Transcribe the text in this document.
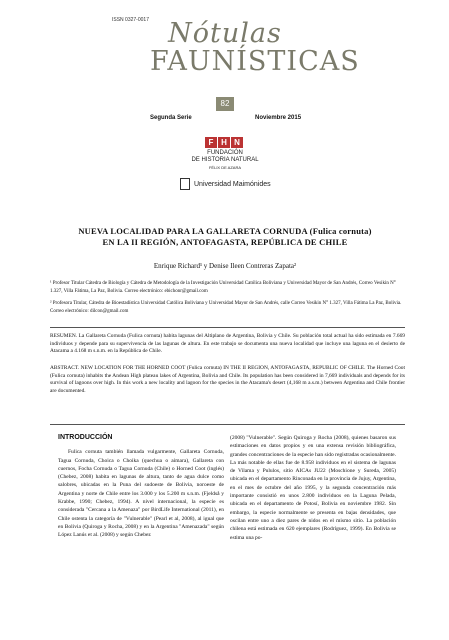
ISSN 0327-0017 Nótulas
FAUNÍSTICAS
82
Segunda Serie	Noviembre 2015
F H N
FUNDACIÓN
DE HISTORIA NATURAL
FÉLIX DE AZARA
Universidad Maimónides
NUEVA LOCALIDAD PARA LA GALLARETA CORNUDA (Fulica cornuta)
EN LA II REGIÓN, ANTOFAGASTA, REPÚBLICA DE CHILE
Enrique Richard¹ y Denise Ileen Contreras Zapata²
¹ Profesor Titular Cátedra de Biología y Cátedra de Metodología de la Investigación Universidad Católica Boliviana y Universidad Mayor de San Andrés, Correo Vesikin N° 1.327, Villa Fátima, La Paz, Bolivia. Correo electrónico: ebichonr@gmail.com
² Profesora Titular, Cátedra de Bioestadística Universidad Católica Boliviana y Universidad Mayor de San Andrés, calle Correo Vesikin N° 1.327, Villa Fátima La Paz, Bolivia. Correo electrónico: dilcon@gmail.com
RESUMEN. La Gallareta Cornuda (Fulica cornuta) habita lagunas del Altiplano de Argentina, Bolivia y Chile. Su población total actual ha sido estimada en 7.669 individuos y depende para su supervivencia de las lagunas de altura. En este trabajo se documenta una nueva localidad que incluye una laguna en el desierto de Atacama a 4.168 m s.n.m. en la República de Chile.
ABSTRACT. NEW LOCATION FOR THE HORNED COOT (Fulica cornuta) IN THE II REGION, ANTOFAGASTA, REPUBLIC OF CHILE. The Horned Coot (Fulica cornuta) inhabits the Andean High plateau lakes of Argentina, Bolivia and Chile. Its population has been considered in 7,669 individuals and depends for its survival of lagoons over high. In this work a new locality and lagoon for the species in the Atacama's desert (4,168 m a.s.m.) between Argentina and Chile frontier are documented.
INTRODUCCIÓN

Fulica cornuta también llamada vulgarmente, Gallareta Cornuda, Tagua Cornuda, Choica o Choika (quechua o aimara), Gallareta con cuernos, Focha Cornuda o Tagua Cornuda (Chile) o Horned Coot (inglés) (Chebez, 2008) habita en lagunas de altura, tanto de agua dulce como salobres, ubicadas en la Puna del sudoeste de Bolivia, noroeste de Argentina y norte de Chile entre los 3.000 y los 5.200 m s.n.m. (Fjeldså y Krabbe, 1990; Chebez, 1994). A nivel internacional, la especie es considerada "Cercana a la Amenaza" por BirdLife International (2011), en Chile ostenta la categoría de "Vulnerable" (Pearl et al, 2008), al igual que en Bolivia (Quiroga y Rocha, 2008) y en la Argentina "Amenazada" según López Lanús et al. (2008) y según Chebez

(2008) "Vulnerable". Según Quiroga y Rocha (2008), quienes basaron sus estimaciones en datos propios y en una extensa revisión bibliográfica, grandes concentraciones de la especie han sido registradas ocasionalmente. La más notable de ellas fue de 8.958 individuos en el sistema de lagunas de Vilama y Pululos, sitio AICAs JU22 (Moschione y Sureda, 2005) ubicada en el departamento Rinconada en la provincia de Jujuy, Argentina, en el mes de octubre del año 1995, y la segunda concentración más importante consistió en unos 2.800 individuos en la Laguna Pelada, ubicada en el departamento de Potosí, Bolivia en noviembre 1982. Sin embargo, la especie normalmente se presenta en bajas densidades, que oscilan entre uno a diez pares de nidos en el mismo sitio. La población chilena está estimada en 620 ejemplares (Rodríguez, 1999). En Bolivia se estima una po-
